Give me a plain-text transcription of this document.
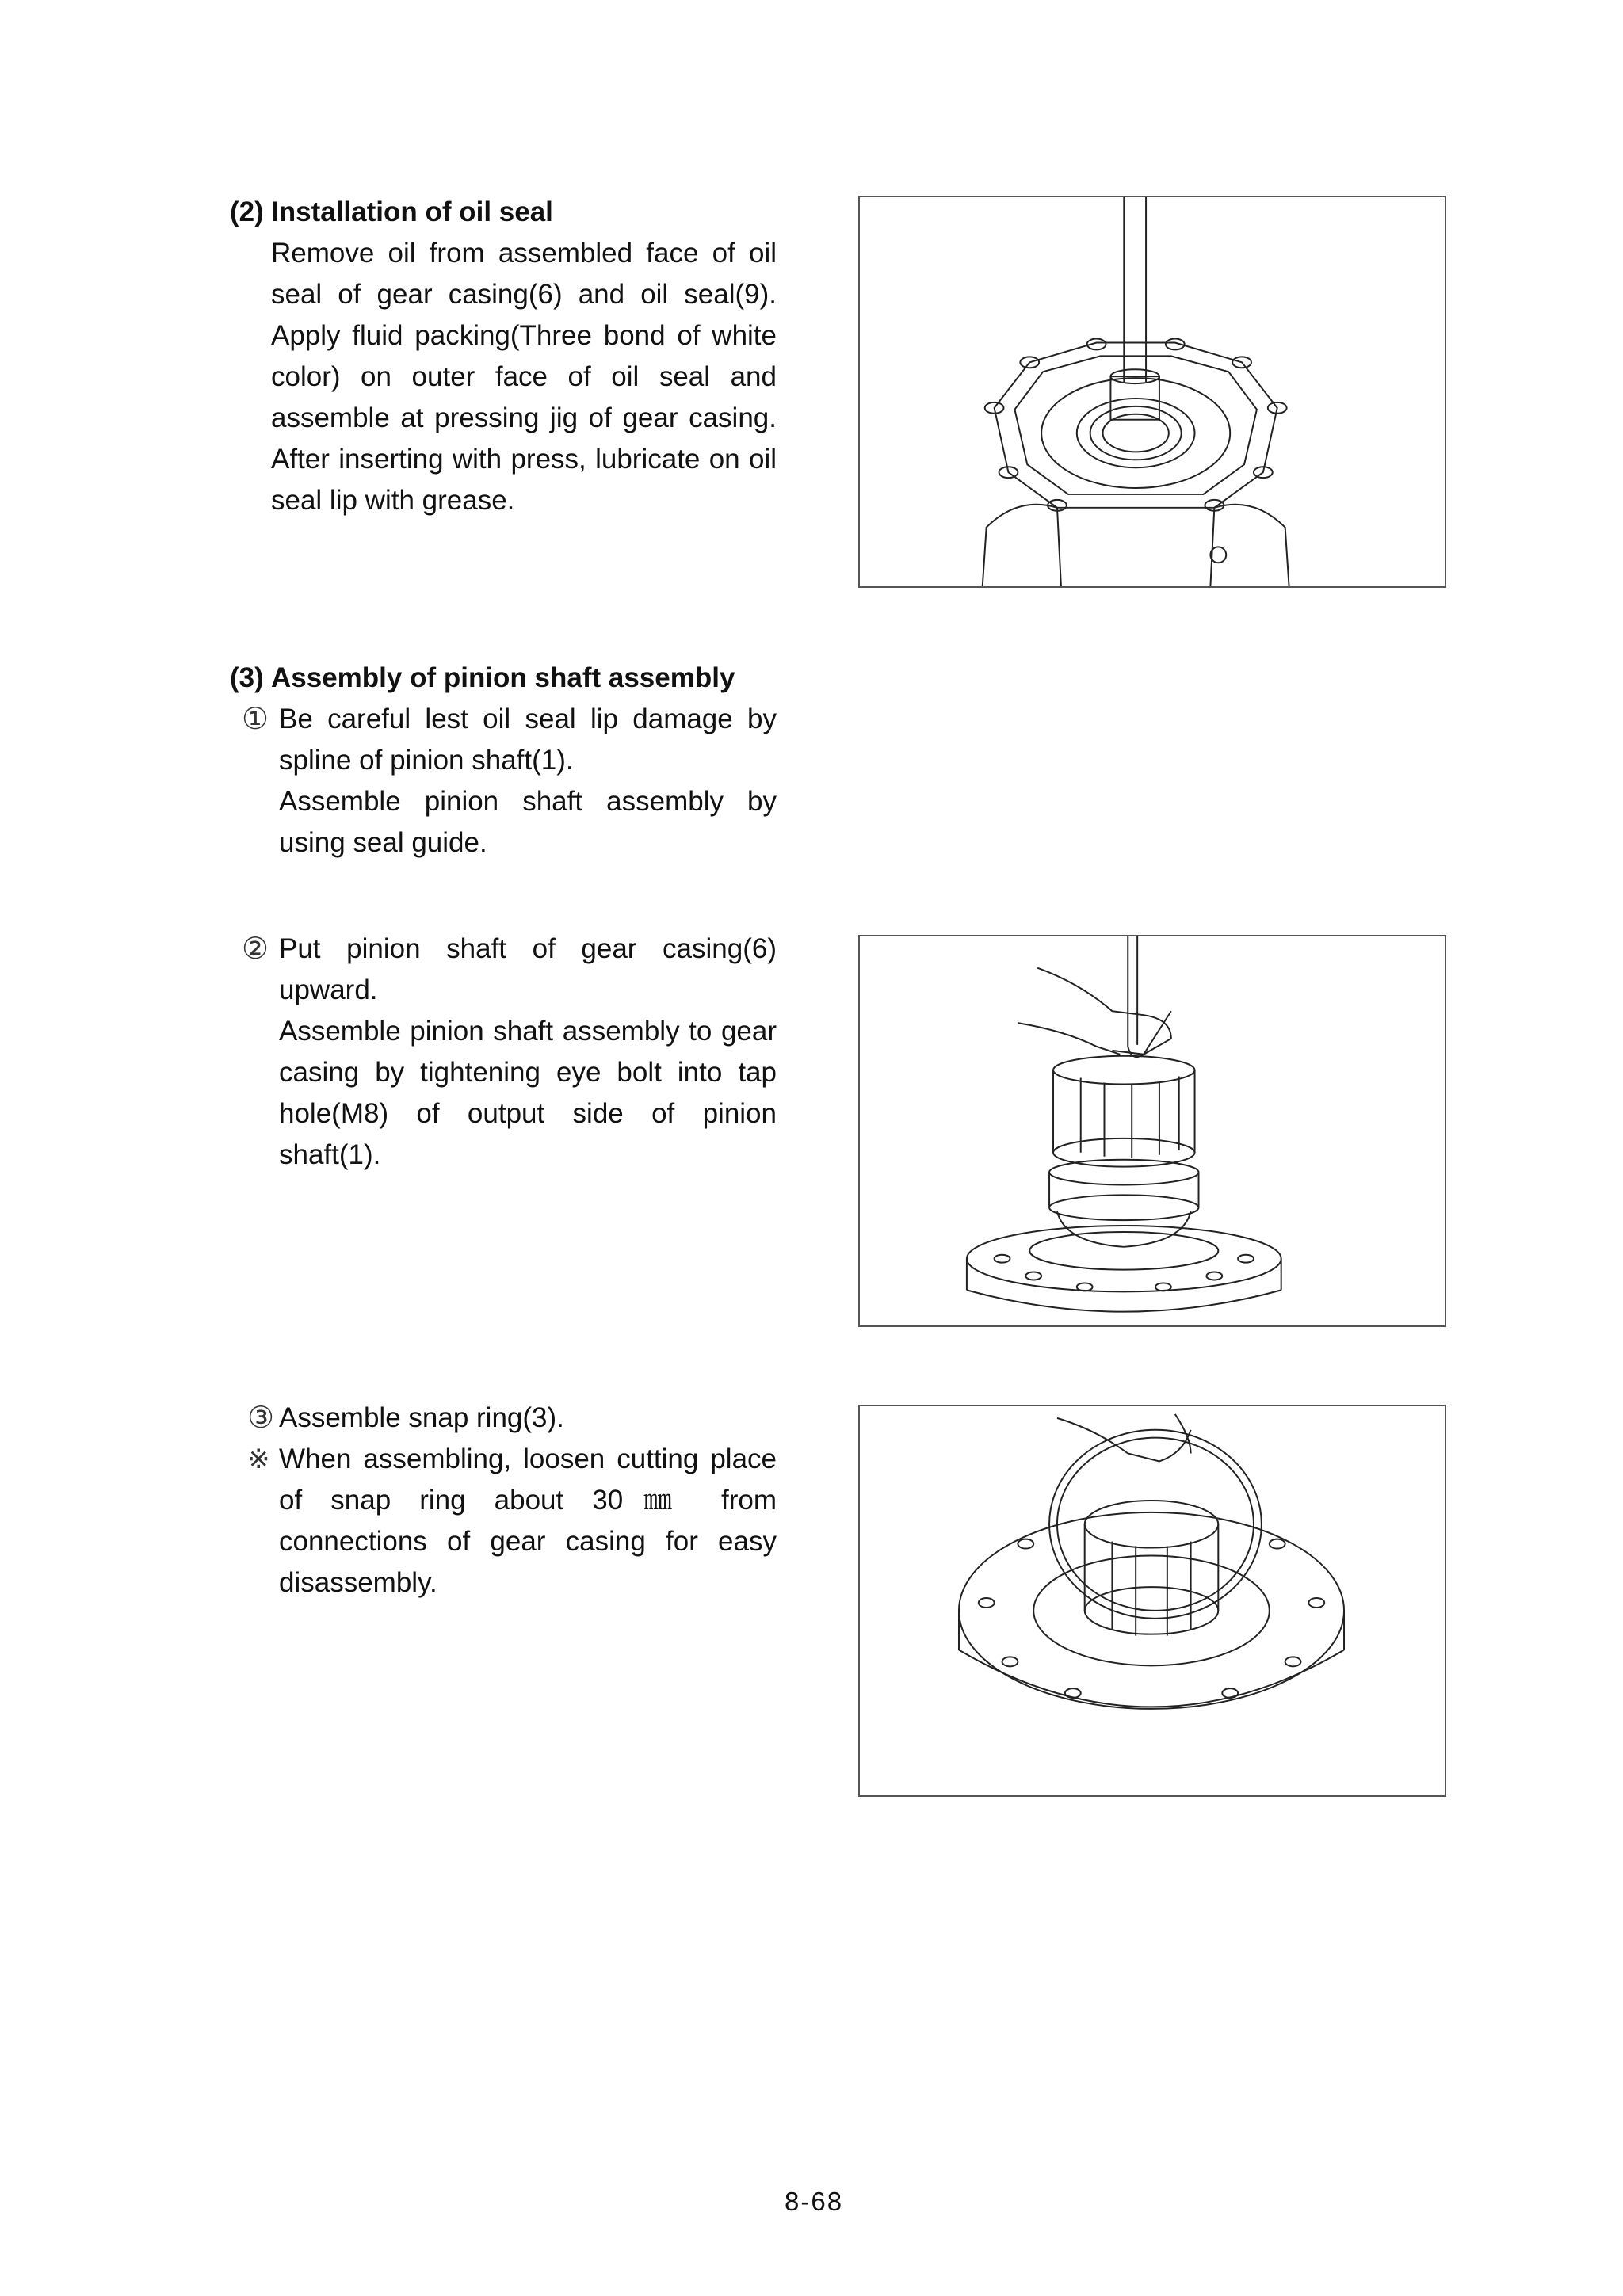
(2) Installation of oil seal
Remove oil from assembled face of oil seal of gear casing(6) and oil seal(9). Apply fluid packing(Three bond of white color) on outer face of oil seal and assemble at pressing jig of gear casing. After inserting with press, lubricate on oil seal lip with grease.
(3) Assembly of pinion shaft assembly
① Be careful lest oil seal lip damage by spline of pinion shaft(1).
Assemble pinion shaft assembly by using seal guide.
② Put pinion shaft of gear casing(6) upward.
Assemble pinion shaft assembly to gear casing by tightening eye bolt into tap hole(M8) of output side of pinion shaft(1).
③ Assemble snap ring(3).
※ When assembling, loosen cutting place of snap ring about 30㎜ from connections of gear casing for easy disassembly.
8-68
